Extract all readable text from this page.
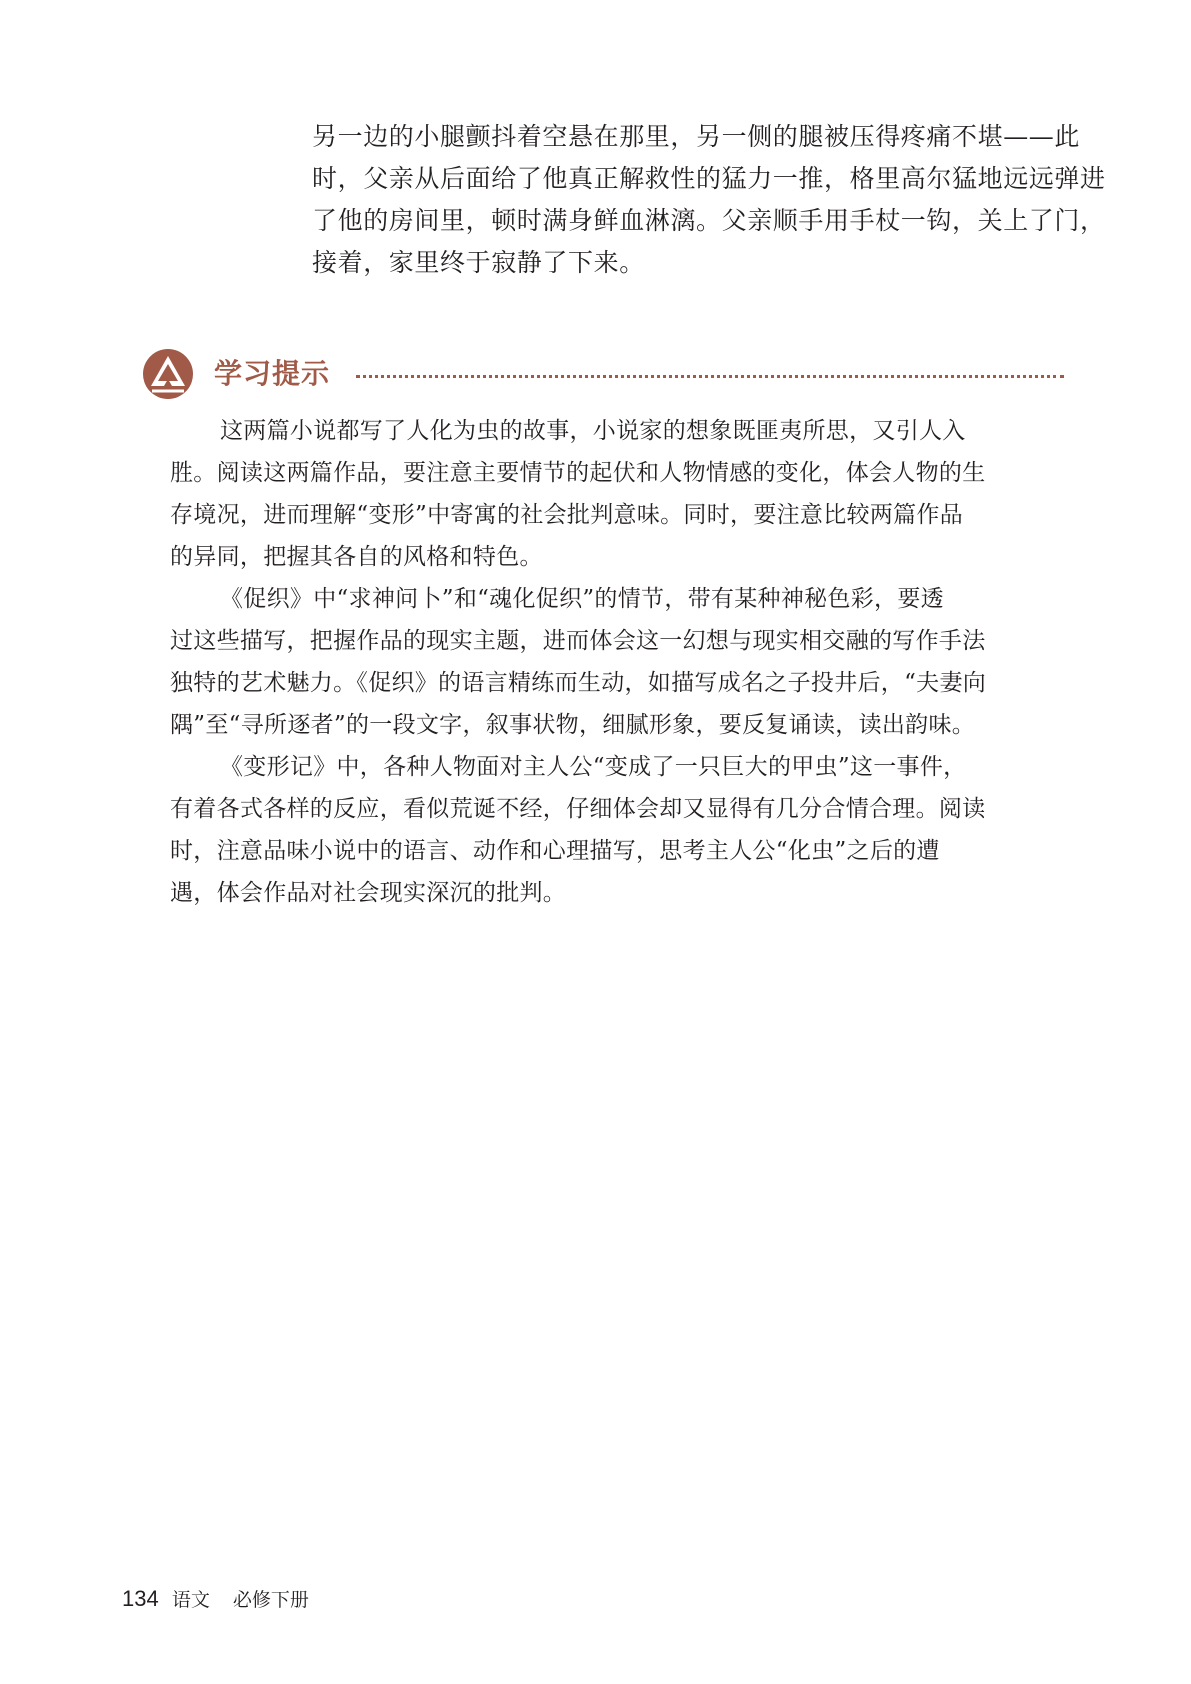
另一边的小腿颤抖着空悬在那里，另一侧的腿被压得疼痛不堪——此
时，父亲从后面给了他真正解救性的猛力一推，格里高尔猛地远远弹进
了他的房间里，顿时满身鲜血淋漓。父亲顺手用手杖一钩，关上了门，
接着，家里终于寂静了下来。
学习提示
这两篇小说都写了人化为虫的故事，小说家的想象既匪夷所思，又引人入
胜。阅读这两篇作品，要注意主要情节的起伏和人物情感的变化，体会人物的生
存境况，进而理解“变形”中寄寓的社会批判意味。同时，要注意比较两篇作品
的异同，把握其各自的风格和特色。
《促织》中“求神问卜”和“魂化促织”的情节，带有某种神秘色彩，要透
过这些描写，把握作品的现实主题，进而体会这一幻想与现实相交融的写作手法
独特的艺术魅力。《促织》的语言精练而生动，如描写成名之子投井后，“夫妻向
隅”至“寻所逐者”的一段文字，叙事状物，细腻形象，要反复诵读，读出韵味。
《变形记》中，各种人物面对主人公“变成了一只巨大的甲虫”这一事件，
有着各式各样的反应，看似荒诞不经，仔细体会却又显得有几分合情合理。阅读
时，注意品味小说中的语言、动作和心理描写，思考主人公“化虫”之后的遭
遇，体会作品对社会现实深沉的批判。
134 语文 必修下册
